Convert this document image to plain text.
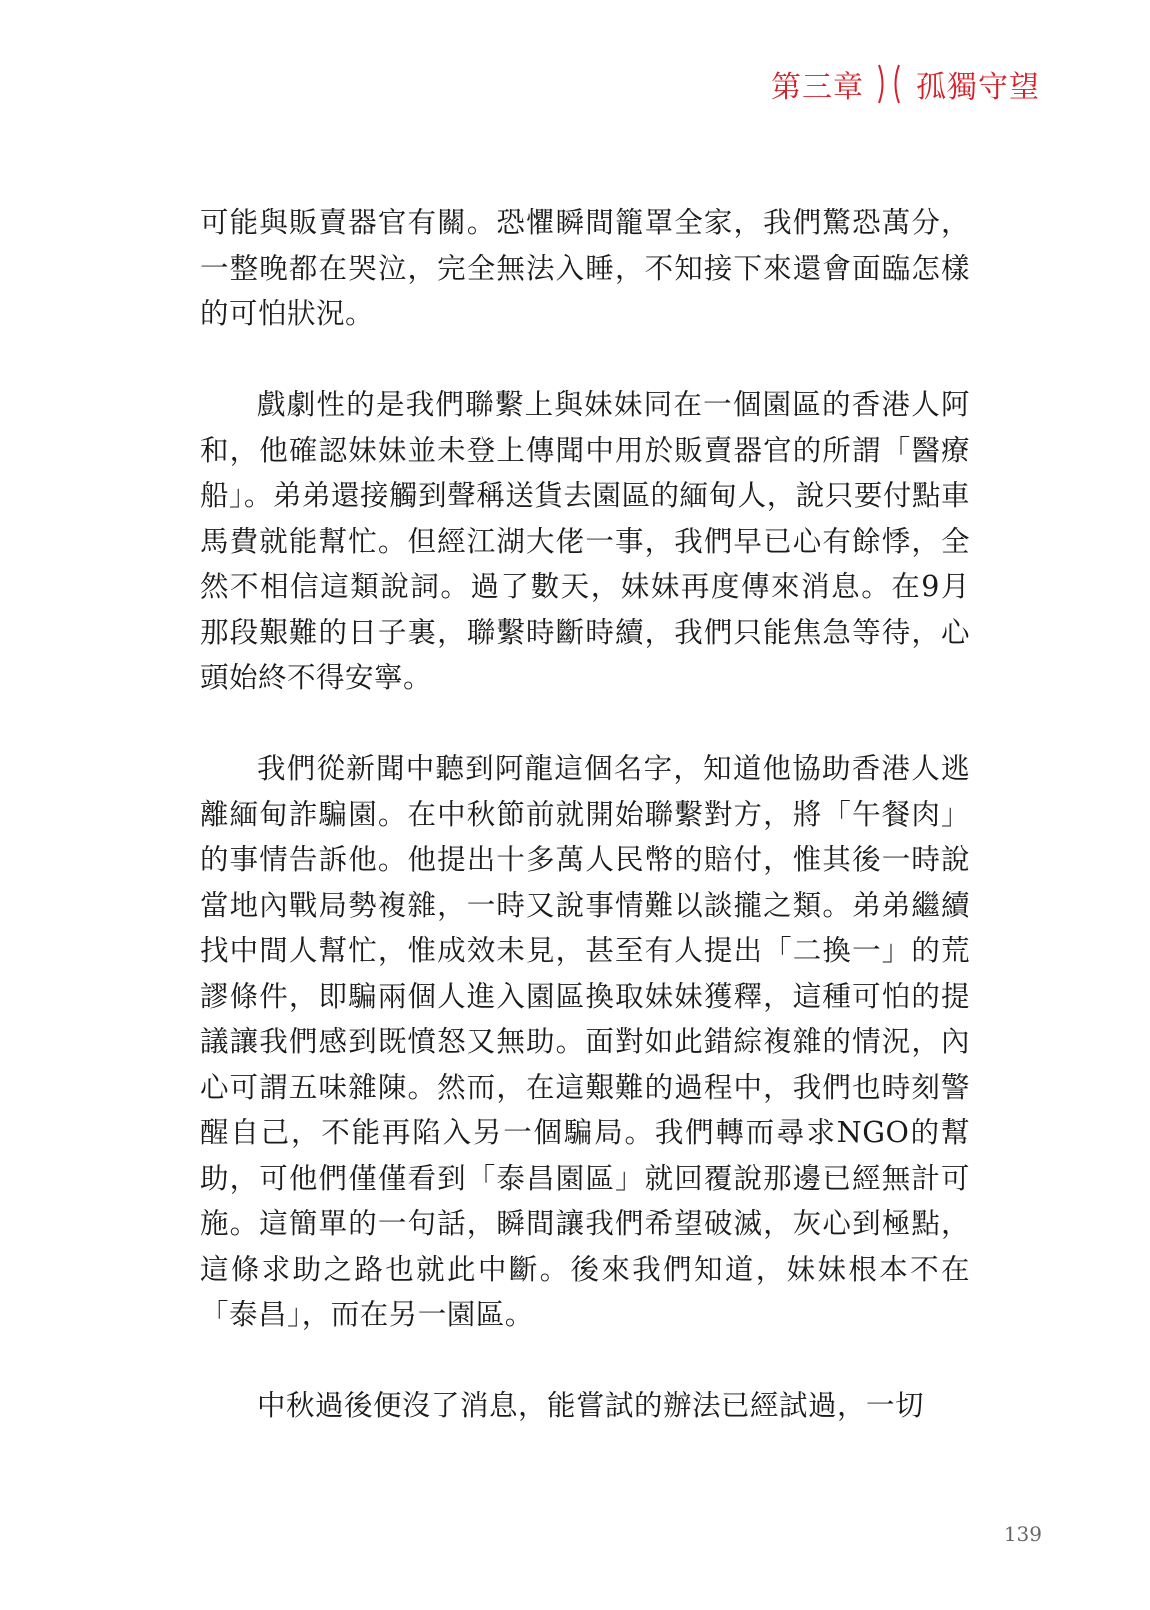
第三章 孤獨守望

可能與販賣器官有關。恐懼瞬間籠罩全家，我們驚恐萬分，一整晚都在哭泣，完全無法入睡，不知接下來還會面臨怎樣的可怕狀況。

戲劇性的是我們聯繫上與妹妹同在一個園區的香港人阿和，他確認妹妹並未登上傳聞中用於販賣器官的所謂「醫療船」。弟弟還接觸到聲稱送貨去園區的緬甸人，說只要付點車馬費就能幫忙。但經江湖大佬一事，我們早已心有餘悸，全然不相信這類說詞。過了數天，妹妹再度傳來消息。在9月那段艱難的日子裏，聯繫時斷時續，我們只能焦急等待，心頭始終不得安寧。

我們從新聞中聽到阿龍這個名字，知道他協助香港人逃離緬甸詐騙園。在中秋節前就開始聯繫對方，將「午餐肉」的事情告訴他。他提出十多萬人民幣的賠付，惟其後一時說當地內戰局勢複雜，一時又說事情難以談攏之類。弟弟繼續找中間人幫忙，惟成效未見，甚至有人提出「二換一」的荒謬條件，即騙兩個人進入園區換取妹妹獲釋，這種可怕的提議讓我們感到既憤怒又無助。面對如此錯綜複雜的情況，內心可謂五味雜陳。然而，在這艱難的過程中，我們也時刻警醒自己，不能再陷入另一個騙局。我們轉而尋求NGO的幫助，可他們僅僅看到「泰昌園區」就回覆說那邊已經無計可施。這簡單的一句話，瞬間讓我們希望破滅，灰心到極點，這條求助之路也就此中斷。後來我們知道，妹妹根本不在「泰昌」，而在另一園區。

中秋過後便沒了消息，能嘗試的辦法已經試過，一切

139
